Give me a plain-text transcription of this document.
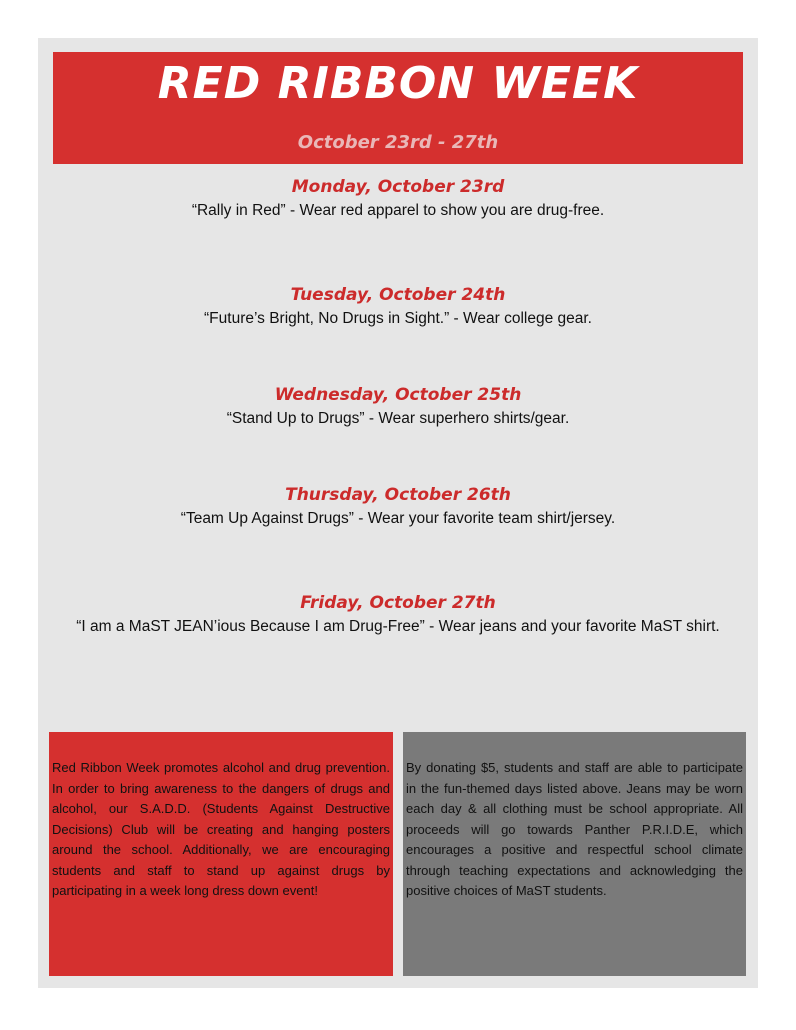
RED RIBBON WEEK
October 23rd - 27th
Monday, October 23rd
“Rally in Red” - Wear red apparel to show you are drug-free.
Tuesday, October 24th
“Future’s Bright, No Drugs in Sight.” - Wear college gear.
Wednesday, October 25th
“Stand Up to Drugs” - Wear superhero shirts/gear.
Thursday, October 26th
“Team Up Against Drugs” - Wear your favorite team shirt/jersey.
Friday, October 27th
“I am a MaST JEAN’ious Because I am Drug-Free” - Wear jeans and your favorite MaST shirt.
Red Ribbon Week promotes alcohol and drug prevention. In order to bring awareness to the dangers of drugs and alcohol, our S.A.D.D. (Students Against Destructive Decisions) Club will be creating and hanging posters around the school. Additionally, we are encouraging students and staff to stand up against drugs by participating in a week long dress down event!
By donating $5, students and staff are able to participate in the fun-themed days listed above. Jeans may be worn each day & all clothing must be school appropriate. All proceeds will go towards Panther P.R.I.D.E, which encourages a positive and respectful school climate through teaching expectations and acknowledging the positive choices of MaST students.
